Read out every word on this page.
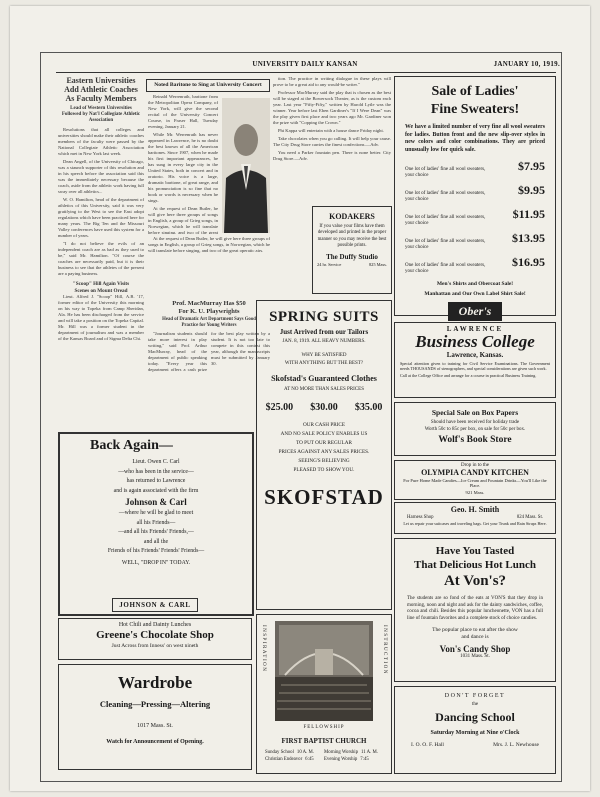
UNIVERSITY DAILY KANSAN	JANUARY 10, 1919.
Eastern Universities
Add Athletic Coaches
As Faculty Members
Lead of Western Universities Followed by Nat'l Collegiate Athletic Association

Resolutions that all colleges and universities should make their athletic coaches members of the faculty were passed by the National Collegiate Athletic Association which met in New York last week.

Dean Angell, of the University of Chicago, was a staunch supporter of this resolution and in his speech before the association said this was the immediately necessary because the coach, aside from the athletic work having full sway over all athletics...

W. O. Hamilton, head of the department of athletics of this University, said it was very gratifying to the West to see the East adopt regulations which have been practiced here for many years. The Big Ten and the Missouri Valley conferences have used this system for a number of years.

"I do not believe the evils of an independent coach are as bad as they used to be," said Mr. Hamilton. "Of course the coaches are necessarily paid, but it is their business to see that the athletes of the present are a paying business.

"Scoop" Hill Again Visits
Scenes on Mount Oread

Lieut. Alfred J. "Scoop" Hill, A.B. '17, former editor of the University this morning on his way to Topeka from Camp Sheridan, Ala. He has been discharged from the service and will take a position on the Topeka Capital. Mr. Hill was a former student in the department of journalism and was a member of the Kansas Board and of Sigma Delta Chi.

Noted Baritone to Sing at University Concert

Reinald Werrenrath, baritone from the Metropolitan Opera Company, of New York, will give the second recital of the University Concert Course, in Fraser Hall, Tuesday evening, January 21.

While Mr. Werrenrath has never appeared in Lawrence, he is no doubt the best known of all the American baritones. Since 1907, when he made his first important appearances, he has sung in every large city in the United States, both in concert and in oratorio. His voice is a large, dramatic baritone, of great range, and his pronunciation is so fine that no book or words is necessary when he sings.

At the request of Dean Butler, he will give here three groups of songs in English, a group of Grieg songs, in Norwegian, which he will translate before singing, and two of the great

At the request of Dean Butler, he will give here three groups of songs in English, a group of Grieg songs, in Norwegian, which he will translate before singing, and two of the great operatic airs.

Prof. MacMurray Has $50
For K. U. Playwrights
Head of Dramatic Art Department Says Good Practice for Young Writers

"Journalism students should take more interest in play writing," said Prof. Arthur MacMurray, head of the department of public speaking today. "Every year this department offers a cash prize for the best play written by a student. It is not too late to compete in this contest this year, although the manuscripts must be submitted by January 30.

tion. The practice in writing dialogue in these plays will prove to be a great aid to any would-be writer."

Professor MacMurray said the play that is chosen as the best will be staged at the Bowersock Theater, as is the custom each year. Last year "Fifty-Fifty," written by Harold Lytle was the winner. Year before last Eben Gardiner's "If I Were Dean" was the play given first place and two years ago Mr. Gardiner won the prize with "Copping the Crown."

Phi Kappa will entertain with a house dance Friday night.

Take chocolates when you go calling. It will help your cause. The City Drug Store carries the finest confections.—Adv.

You need a Parker fountain pen. There is none better. City Drug Store.—Adv.

KODAKERS
If you value your films have them developed and printed in the proper manner so you may receive the best possible prints.
The Duffy Studio
24 hr. Service	825 Mass.
Sale of Ladies'
Fine Sweaters!
We have a limited number of very fine all wool sweaters for ladies. Button front and the new slip-over styles in new colors and color combinations. They are priced unusually low for quick sale.
One lot of ladies' fine all wool sweaters, your choice
$7.95
One lot of ladies' fine all wool sweaters, your choice
$9.95
One lot of ladies' fine all wool sweaters, your choice
$11.95
One lot of ladies' fine all wool sweaters, your choice
$13.95
One lot of ladies' fine all wool sweaters, your choice
$16.95
Men's Shirts and Obercoat Sale!
Manhattan and Our Own Label Shirt Sale!
Ober's
SPRING SUITS
Just Arrived from our Tailors
JAN. 8, 1919. ALL HEAVY NUMBERS.
WHY BE SATISFIED
WITH ANYTHING BUT THE BEST?
Skofstad's Guaranteed Clothes
AT NO MORE THAN SALES PRICES
$25.00 $30.00 $35.00
OUR CASH PRICE
AND NO SALE POLICY ENABLES US
TO PUT OUR REGULAR
PRICES AGAINST ANY SALES PRICES.
SEEING'S BELIEVING
PLEASED TO SHOW YOU.
SKOFSTAD
Back Again—
Lieut. Owen C. Carl
—who has been in the service—
has returned to Lawrence
and is again associated with the firm
Johnson & Carl
—where he will be glad to meet
all his Friends—
—and all his Friends' Friends,—
and all the
Friends of his Friends' Friends' Friends—
WELL, "DROP IN" TODAY.
JOHNSON & CARL
Hot Chili and Dainty Lunches
Greene's Chocolate Shop
Just Across from Inness' on west nineth
Wardrobe
Cleaning—Pressing—Altering
1017 Mass. St.
Watch for Announcement of Opening.
INSPIRATION	INSTRUCTION
FELLOWSHIP
FIRST BAPTIST CHURCH
Sunday School 10 A. M.	Morning Worship 11 A. M.
Christian Endeavor 6:45	Evening Worship 7:45
LAWRENCE
Business College
Lawrence, Kansas.
Special attention given to training for Civil Service Examinations. The Government needs THOUSANDS of stenographers, and special considerations are given such work.
Call at the College Office and arrange for a course in practical Business Training.
Special Sale on Box Papers
Should have been received for holiday trade
Worth 50c to 85c per box, on sale for 50c per box.
Wolf's Book Store
Drop in to the
OLYMPIA CANDY KITCHEN
For Pure Home Made Candies—Ice Cream and Fountain Drinks—You'll Like the Place.
921 Mass.
Geo. H. Smith
Harness Shop	824 Mass. St.
Let us repair your suitcases and traveling bags. Get your Trunk and Rain Straps Here.
Have You Tasted
That Delicious Hot Lunch
At Von's?
The students are so fond of the eats at VON'S that they drop in morning, noon and night and ask for the dainty sandwiches, coffee, cocoa and chili. Besides this popular luncheonette, VON has a full line of fountain favorites and a complete stock of choice candies.
The popular place to eat after the show
and dance is
Von's Candy Shop
1031 Mass. St.
DON'T FORGET
the
Dancing School
Saturday Morning at Nine o'Clock
I. O. O. F. Hall	Mrs. J. L. Newhouse
